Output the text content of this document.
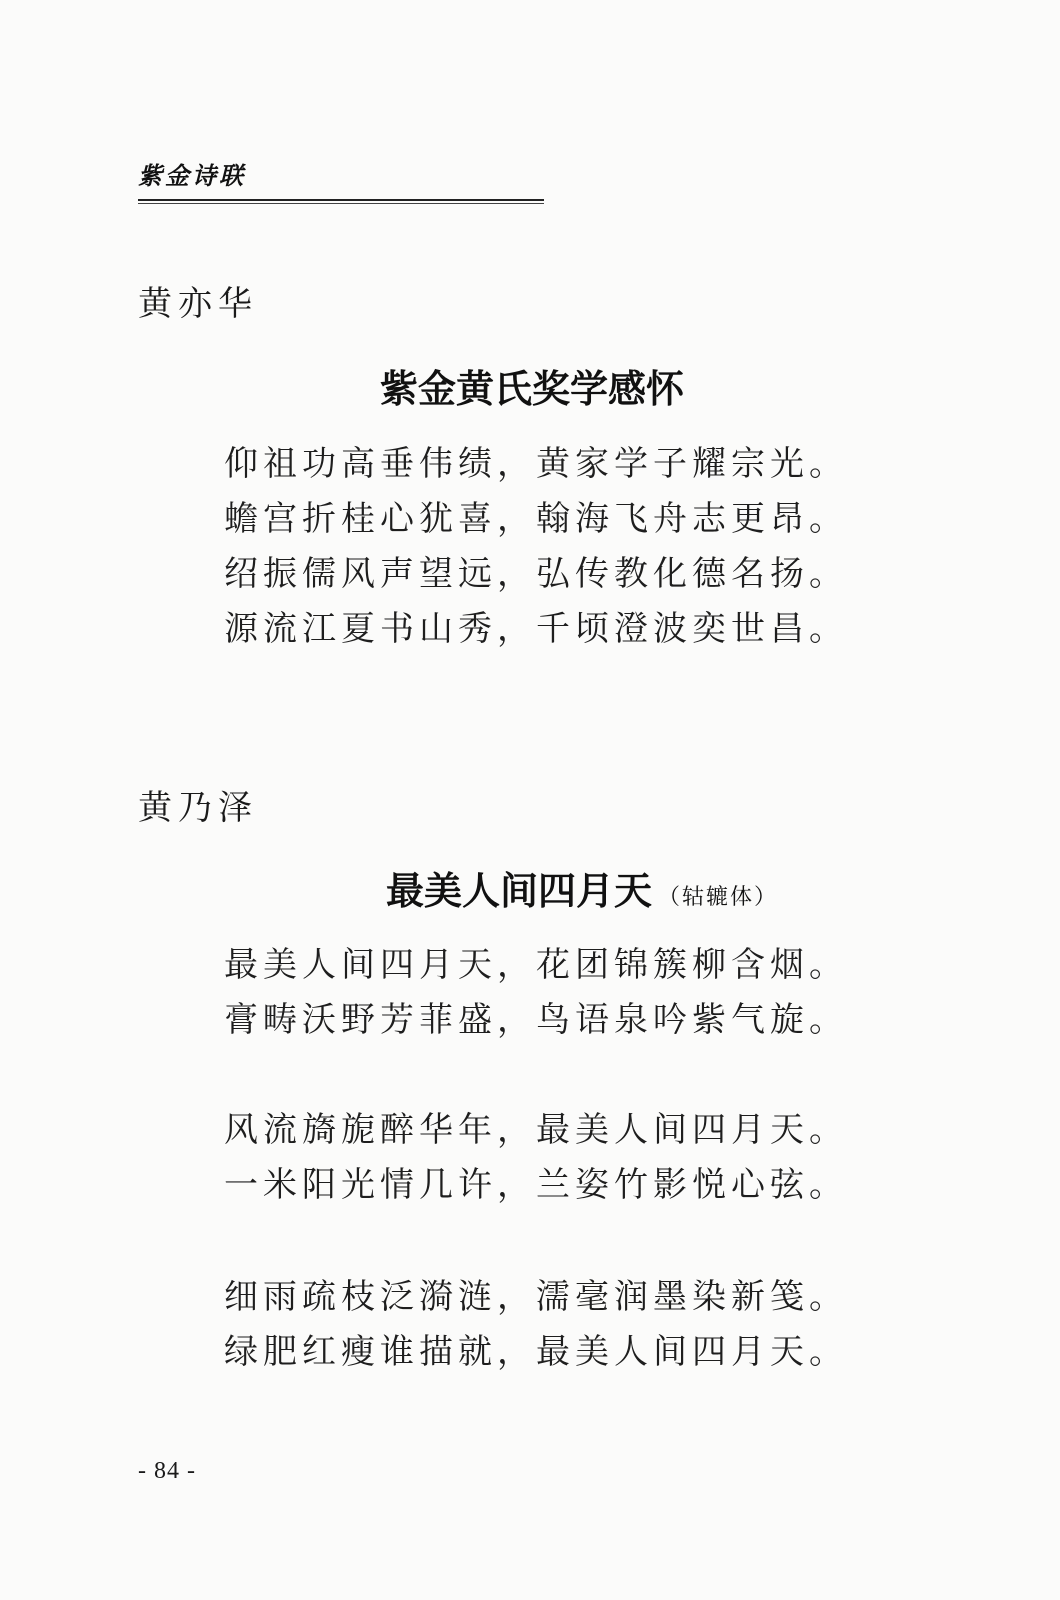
紫金诗联
黄亦华
紫金黄氏奖学感怀
仰祖功高垂伟绩，黄家学子耀宗光。
蟾宫折桂心犹喜，翰海飞舟志更昂。
绍振儒风声望远，弘传教化德名扬。
源流江夏书山秀，千顷澄波奕世昌。
黄乃泽
最美人间四月天 （轱辘体）
最美人间四月天，花团锦簇柳含烟。
膏畴沃野芳菲盛，鸟语泉吟紫气旋。
风流旖旎醉华年，最美人间四月天。
一米阳光情几许，兰姿竹影悦心弦。
细雨疏枝泛漪涟，濡毫润墨染新笺。
绿肥红瘦谁描就，最美人间四月天。
- 84 -
